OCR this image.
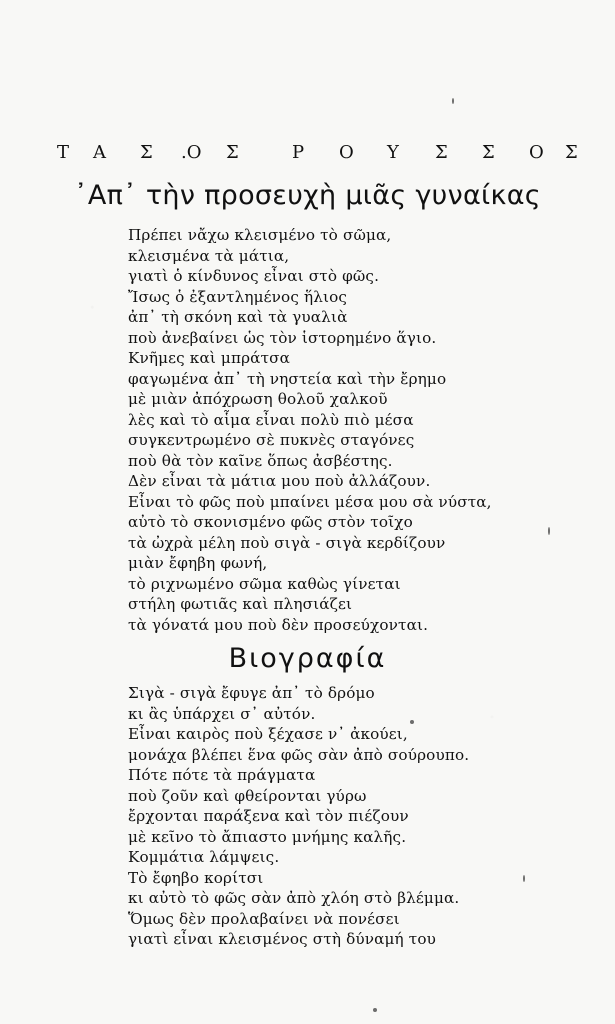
Τ Α Σ .Ο Σ	Ρ Ο Υ Σ Σ Ο Σ
᾿Απ᾿ τὴν προσευχὴ μιᾶς γυναίκας
Πρέπει νἄχω κλεισμένο τὸ σῶμα,
κλεισμένα τὰ μάτια,
γιατὶ ὁ κίνδυνος εἶναι στὸ φῶς.
Ἴσως ὁ ἐξαντλημένος ἥλιος
ἀπ᾿ τὴ σκόνη καὶ τὰ γυαλιὰ
ποὺ ἀνεβαίνει ὡς τὸν ἱστορημένο ἅγιο.
Κνῆμες καὶ μπράτσα
φαγωμένα ἀπ᾿ τὴ νηστεία καὶ τὴν ἔρημο
μὲ μιὰν ἀπόχρωση θολοῦ χαλκοῦ
λὲς καὶ τὸ αἷμα εἶναι πολὺ πιὸ μέσα
συγκεντρωμένο σὲ πυκνὲς σταγόνες
ποὺ θὰ τὸν καῖνε ὅπως ἀσβέστης.
Δὲν εἶναι τὰ μάτια μου ποὺ ἀλλάζουν.
Εἶναι τὸ φῶς ποὺ μπαίνει μέσα μου σὰ νύστα,
αὐτὸ τὸ σκονισμένο φῶς στὸν τοῖχο
τὰ ὠχρὰ μέλη ποὺ σιγὰ - σιγὰ κερδίζουν
μιὰν ἔφηβη φωνή,
τὸ ριχνωμένο σῶμα καθὼς γίνεται
στήλη φωτιᾶς καὶ πλησιάζει
τὰ γόνατά μου ποὺ δὲν προσεύχονται.
Βιογραφία
Σιγὰ - σιγὰ ἔφυγε ἀπ᾿ τὸ δρόμο
κι ἂς ὑπάρχει σ᾿ αὐτόν.
Εἶναι καιρὸς ποὺ ξέχασε ν᾿ ἀκούει,
μονάχα βλέπει ἕνα φῶς σὰν ἀπὸ σούρουπο.
Πότε πότε τὰ πράγματα
ποὺ ζοῦν καὶ φθείρονται γύρω
ἔρχονται παράξενα καὶ τὸν πιέζουν
μὲ κεῖνο τὸ ἄπιαστο μνήμης καλῆς.
Κομμάτια λάμψεις.
Τὸ ἔφηβο κορίτσι
κι αὐτὸ τὸ φῶς σὰν ἀπὸ χλόη στὸ βλέμμα.
Ὅμως δὲν προλαβαίνει νὰ πονέσει
γιατὶ εἶναι κλεισμένος στὴ δύναμή του
